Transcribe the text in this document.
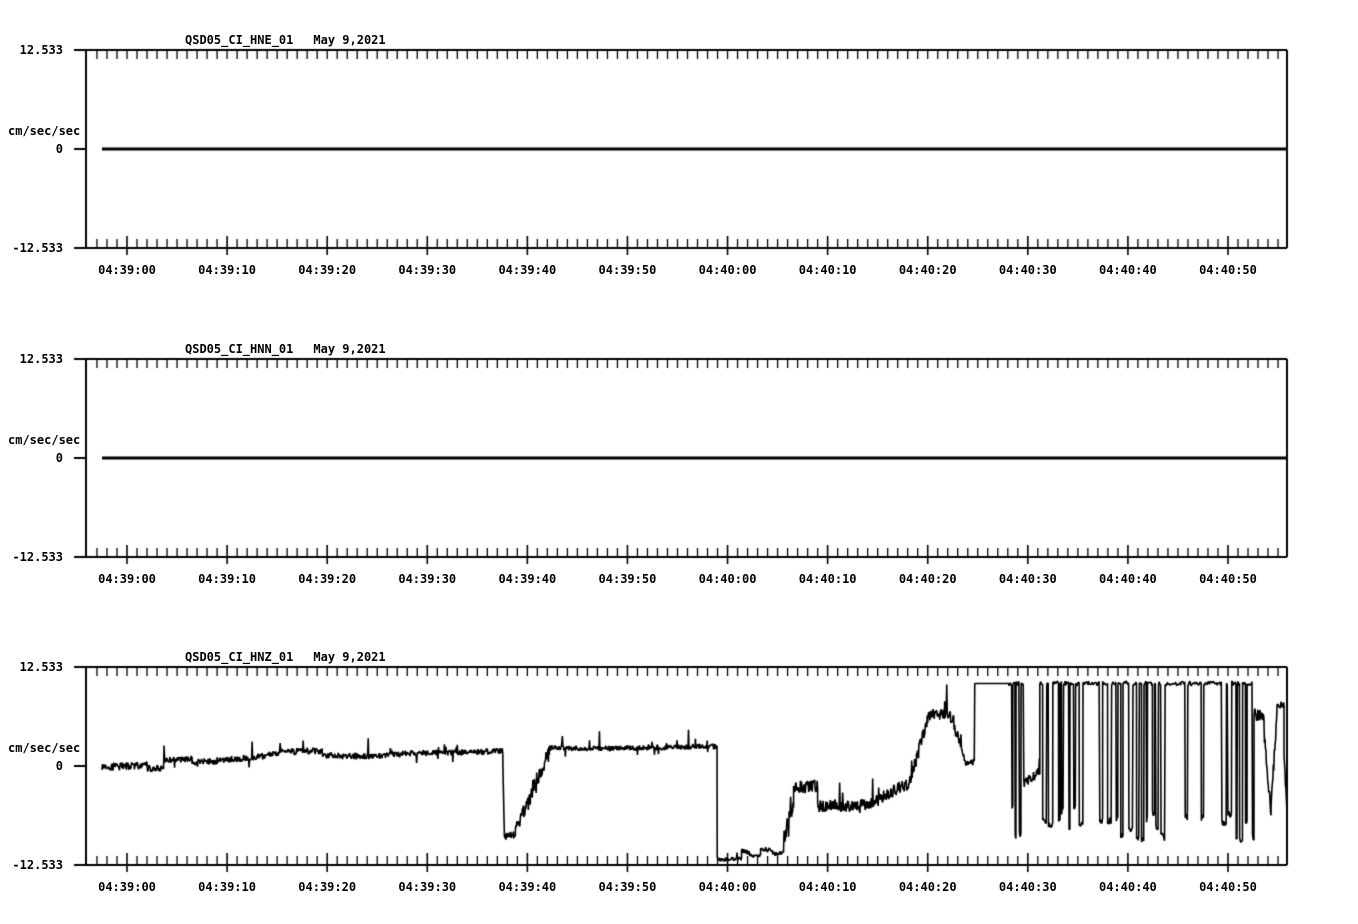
QSD05_CI_HNE_01 May 9,2021
12.533
cm/sec/sec
0
-12.533
QSD05_CI_HNN_01 May 9,2021
12.533
cm/sec/sec
0
-12.533
QSD05_CI_HNZ_01 May 9,2021
12.533
cm/sec/sec
0
-12.533
04:39:00	04:39:10	04:39:20	04:39:30	04:39:40	04:39:50	04:40:00	04:40:10	04:40:20	04:40:30	04:40:40	04:40:50
04:39:00	04:39:10	04:39:20	04:39:30	04:39:40	04:39:50	04:40:00	04:40:10	04:40:20	04:40:30	04:40:40	04:40:50
04:39:00	04:39:10	04:39:20	04:39:30	04:39:40	04:39:50	04:40:00	04:40:10	04:40:20	04:40:30	04:40:40	04:40:50
